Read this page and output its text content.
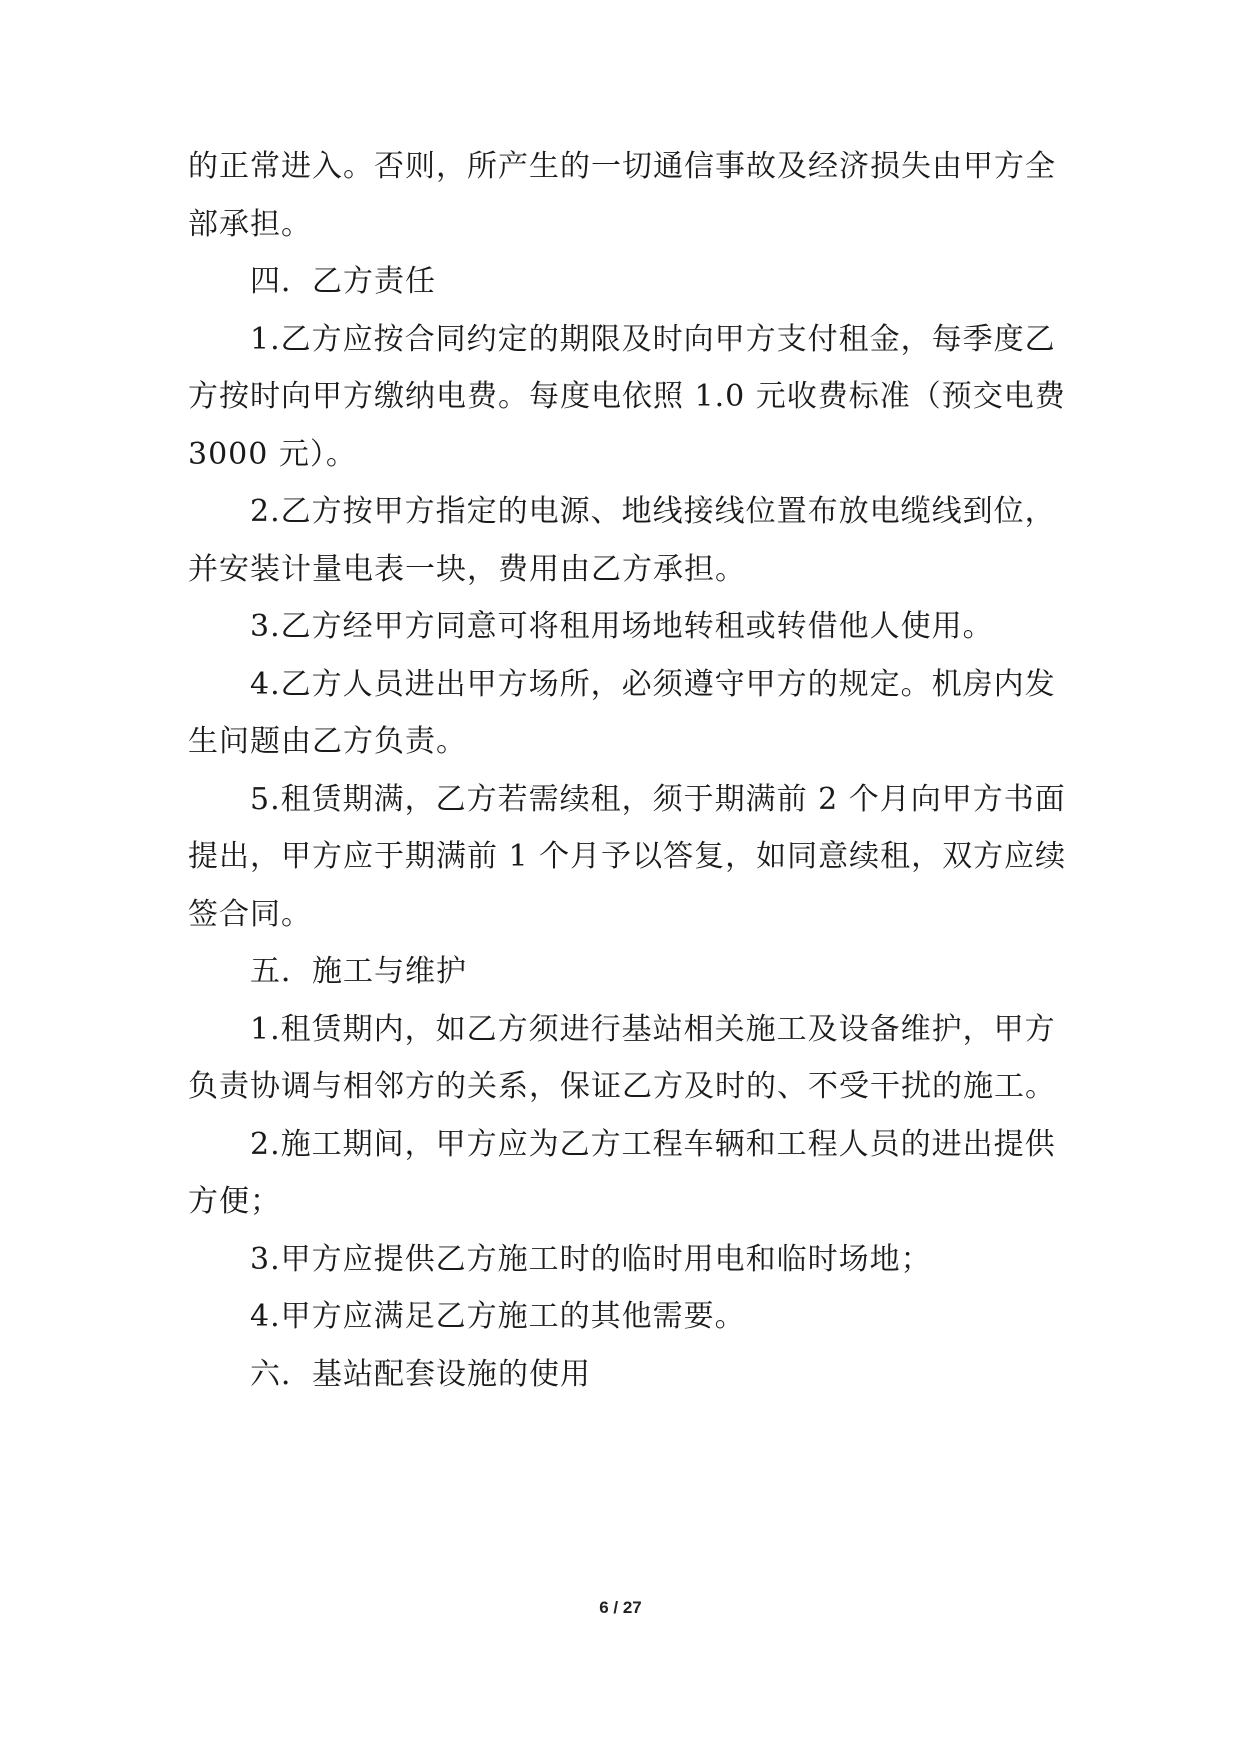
的正常进入。否则，所产生的一切通信事故及经济损失由甲方全
部承担。
四．乙方责任
1.乙方应按合同约定的期限及时向甲方支付租金，每季度乙
方按时向甲方缴纳电费。每度电依照 1.0 元收费标准（预交电费
3000 元）。
2.乙方按甲方指定的电源、地线接线位置布放电缆线到位，
并安装计量电表一块，费用由乙方承担。
3.乙方经甲方同意可将租用场地转租或转借他人使用。
4.乙方人员进出甲方场所，必须遵守甲方的规定。机房内发
生问题由乙方负责。
5.租赁期满，乙方若需续租，须于期满前 2 个月向甲方书面
提出，甲方应于期满前 1 个月予以答复，如同意续租，双方应续
签合同。
五．施工与维护
1.租赁期内，如乙方须进行基站相关施工及设备维护，甲方
负责协调与相邻方的关系，保证乙方及时的、不受干扰的施工。
2.施工期间，甲方应为乙方工程车辆和工程人员的进出提供
方便；
3.甲方应提供乙方施工时的临时用电和临时场地；
4.甲方应满足乙方施工的其他需要。
六．基站配套设施的使用
6 / 27
